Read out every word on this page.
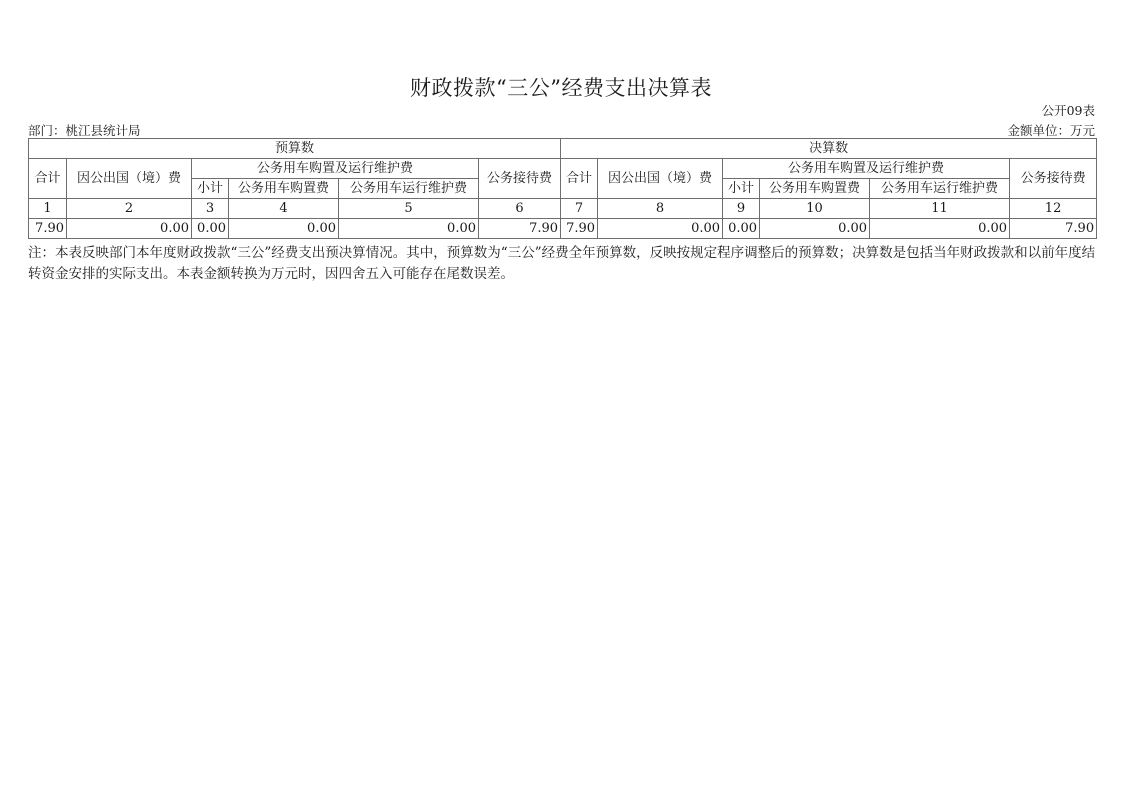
财政拨款“三公”经费支出决算表
公开09表
部门：桃江县统计局	金额单位：万元
预算数						决算数					
合计	因公出国（境）费	公务用车购置及运行维护费			公务接待费	合计	因公出国（境）费	公务用车购置及运行维护费			公务接待费
		小计	公务用车购置费	公务用车运行维护费				小计	公务用车购置费	公务用车运行维护费	
1	2	3	4	5	6	7	8	9	10	11	12
7.90	0.00	0.00	0.00	0.00	7.90	7.90	0.00	0.00	0.00	0.00	7.90
注：本表反映部门本年度财政拨款“三公”经费支出预决算情况。其中，预算数为“三公”经费全年预算数，反映按规定程序调整后的预算数；决算数是包括当年财政拨款和以前年度结转资金安排的实际支出。本表金额转换为万元时，因四舍五入可能存在尾数误差。
